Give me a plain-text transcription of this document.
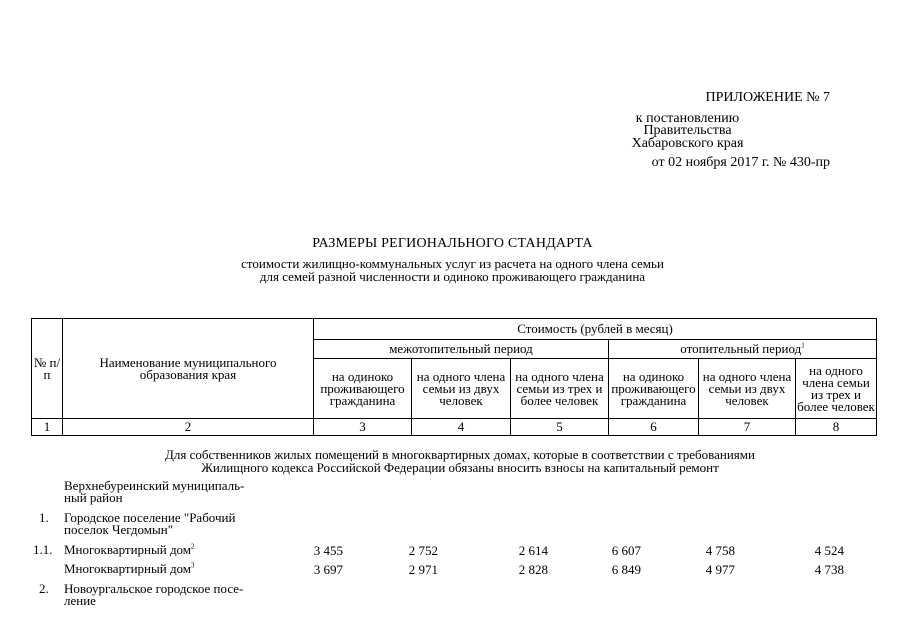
ПРИЛОЖЕНИЕ № 7
к постановлению
Правительства
Хабаровского края
от 02 ноября 2017 г. № 430-пр
РАЗМЕРЫ РЕГИОНАЛЬНОГО СТАНДАРТА
стоимости жилищно-коммунальных услуг из расчета на одного члена семьи
для семей разной численности и одиноко проживающего гражданина
№ п/п	Наименование муниципального образования края	Стоимость (рублей в месяц)					
		межотопительный период			отопительный период$^1$
		на одиноко проживающего гражданина	на одного члена семьи из двух человек	на одного члена семьи из трех и более человек	на одиноко проживающего гражданина	на одного члена семьи из двух человек	на одного члена семьи из трех и более человек
1	2	3	4	5	6	7	8
Для собственников жилых помещений в многоквартирных домах, которые в соответствии с требованиями
Жилищного кодекса Российской Федерации обязаны вносить взносы на капитальный ремонт
Верхнебуреинский муниципаль-
ный район
1. Городское поселение "Рабочий
поселок Чегдомын"
1.1. Многоквартирный дом$^2$	3 455	2 752	2 614	6 607	4 758	4 524
Многоквартирный дом$^3$	3 697	2 971	2 828	6 849	4 977	4 738
2. Новоургальское городское посе-
ление
